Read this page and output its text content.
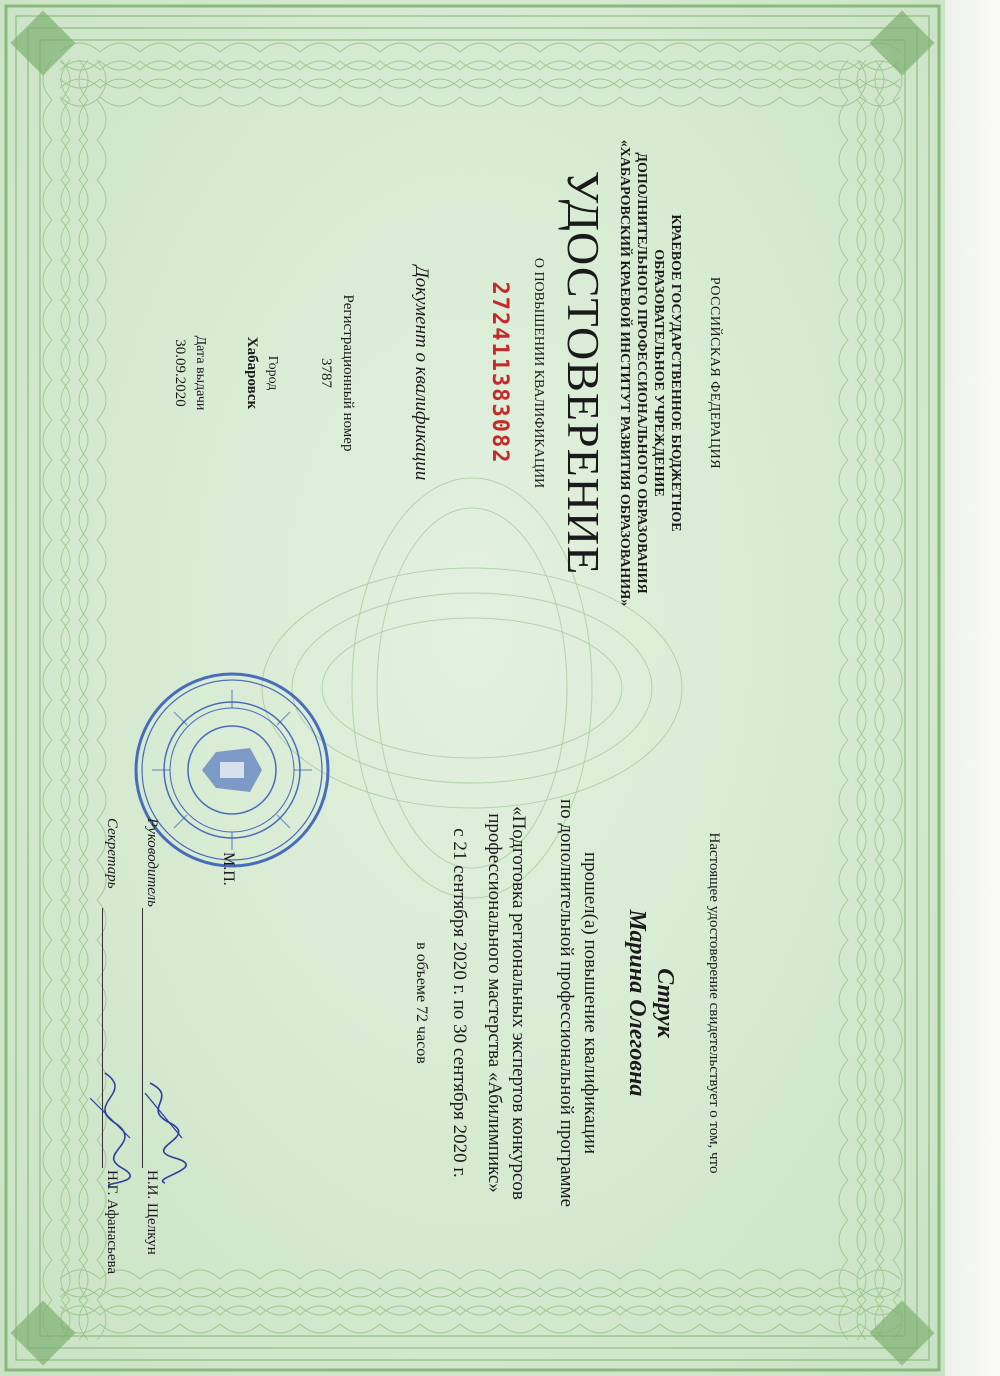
РОССИЙСКАЯ ФЕДЕРАЦИЯ
КРАЕВОЕ ГОСУДАРСТВЕННОЕ БЮДЖЕТНОЕ
ОБРАЗОВАТЕЛЬНОЕ УЧРЕЖДЕНИЕ
ДОПОЛНИТЕЛЬНОГО ПРОФЕССИОНАЛЬНОГО ОБРАЗОВАНИЯ
«ХАБАРОВСКИЙ КРАЕВОЙ ИНСТИТУТ РАЗВИТИЯ ОБРАЗОВАНИЯ»
УДОСТОВЕРЕНИЕ
О ПОВЫШЕНИИ КВАЛИФИКАЦИИ
272411383082
Документ о квалификации
Регистрационный номер
3787
Город
Хабаровск
Дата выдачи
30.09.2020
Настоящее удостоверение свидетельствует о том, что
Струк
Марина Олеговна
прошел(а) повышение квалификации
по дополнительной профессиональной программе
«Подготовка региональных экспертов конкурсов
профессионального мастерства «Абилимпикс»
с 21 сентября 2020 г. по 30 сентября 2020 г.
в объеме 72 часов
М.П.
Руководитель
Н.И. Щелкун
Секретарь
Н.Г. Афанасьева
